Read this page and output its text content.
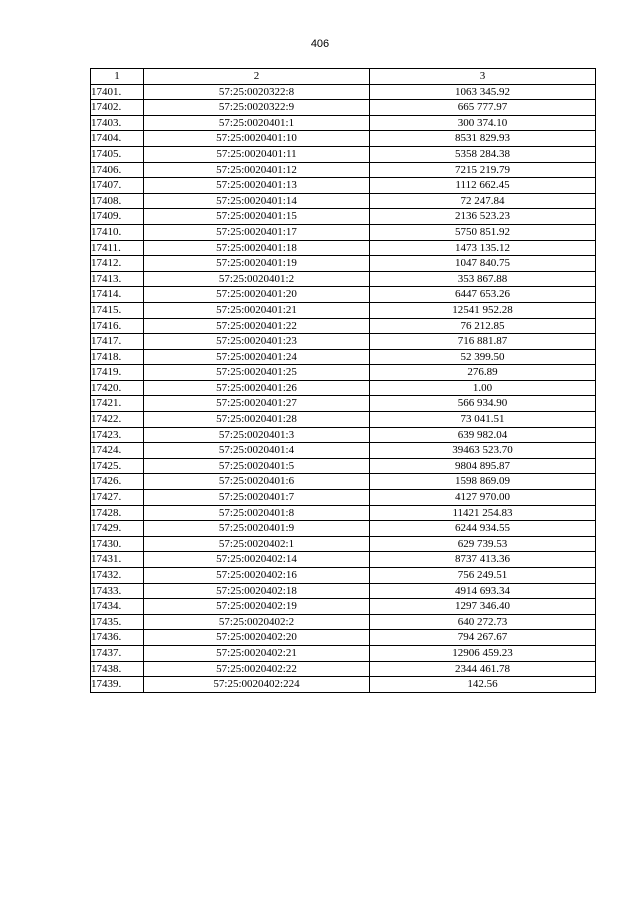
406
1	2	3
17401.	57:25:0020322:8	1063 345.92
17402.	57:25:0020322:9	665 777.97
17403.	57:25:0020401:1	300 374.10
17404.	57:25:0020401:10	8531 829.93
17405.	57:25:0020401:11	5358 284.38
17406.	57:25:0020401:12	7215 219.79
17407.	57:25:0020401:13	1112 662.45
17408.	57:25:0020401:14	72 247.84
17409.	57:25:0020401:15	2136 523.23
17410.	57:25:0020401:17	5750 851.92
17411.	57:25:0020401:18	1473 135.12
17412.	57:25:0020401:19	1047 840.75
17413.	57:25:0020401:2	353 867.88
17414.	57:25:0020401:20	6447 653.26
17415.	57:25:0020401:21	12541 952.28
17416.	57:25:0020401:22	76 212.85
17417.	57:25:0020401:23	716 881.87
17418.	57:25:0020401:24	52 399.50
17419.	57:25:0020401:25	276.89
17420.	57:25:0020401:26	1.00
17421.	57:25:0020401:27	566 934.90
17422.	57:25:0020401:28	73 041.51
17423.	57:25:0020401:3	639 982.04
17424.	57:25:0020401:4	39463 523.70
17425.	57:25:0020401:5	9804 895.87
17426.	57:25:0020401:6	1598 869.09
17427.	57:25:0020401:7	4127 970.00
17428.	57:25:0020401:8	11421 254.83
17429.	57:25:0020401:9	6244 934.55
17430.	57:25:0020402:1	629 739.53
17431.	57:25:0020402:14	8737 413.36
17432.	57:25:0020402:16	756 249.51
17433.	57:25:0020402:18	4914 693.34
17434.	57:25:0020402:19	1297 346.40
17435.	57:25:0020402:2	640 272.73
17436.	57:25:0020402:20	794 267.67
17437.	57:25:0020402:21	12906 459.23
17438.	57:25:0020402:22	2344 461.78
17439.	57:25:0020402:224	142.56
